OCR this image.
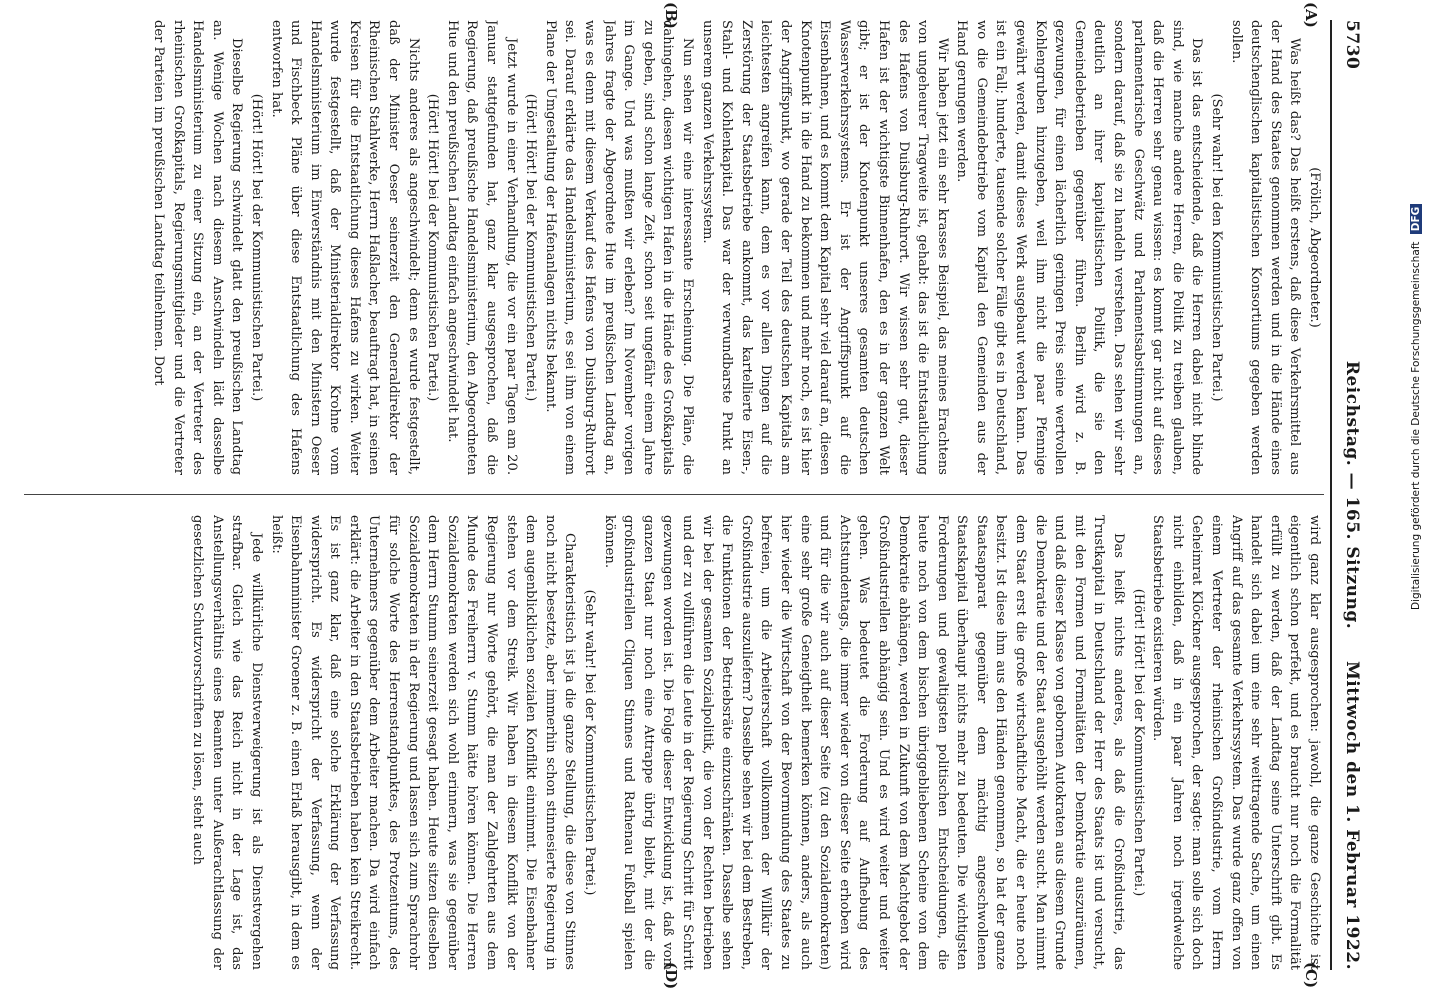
5730
Reichstag. — 165. Sitzung.
Mittwoch den 1. Februar 1922.
(A)
(B)
(C)
(D)

(Frölich, Abgeordneter.)

Was heißt das? Das heißt erstens, daß diese Verkehrsmittel aus der Hand des Staates genommen werden und in die Hände eines deutschenglischen kapitalistischen Konsortiums gegeben werden sollen.

(Sehr wahr! bei den Kommunistischen Partei.)

Das ist das entscheidende, daß die Herren dabei nicht blinde sind, wie manche andere Herren, die Politik zu treiben glauben, daß die Herren sehr genau wissen: es kommt gar nicht auf dieses parlamentarische Geschwätz und Parlamentsabstimmungen an, sondern darauf, daß sie zu handeln verstehen. Das sehen wir sehr deutlich an ihrer kapitalistischen Politik, die sie den Gemeindebetrieben gegenüber führen. Berlin wird z. B. gezwungen, für einen lächerlich geringen Preis seine wertvollen Kohlengruben hinzugeben, weil ihm nicht die paar Pfennige gewährt werden, damit dieses Werk ausgebaut werden kann. Das ist ein Fall; hunderte, tausende solcher Fälle gibt es in Deutschland, wo die Gemeindebetriebe vom Kapital den Gemeinden aus der Hand gerungen werden.

Wir haben jetzt ein sehr krasses Beispiel, das meines Erachtens von ungeheurer Tragweite ist, gehabt: das ist die Entstaatlichung des Hafens von Duisburg-Ruhrort. Wir wissen sehr gut, dieser Hafen ist der wichtigste Binnenhafen, den es in der ganzen Welt gibt; er ist der Knotenpunkt unseres gesamten deutschen Wasserverkehrssystems. Er ist der Angriffspunkt auf die Eisenbahnen, und es kommt dem Kapital sehr viel darauf an, diesen Knotenpunkt in die Hand zu bekommen und mehr noch, es ist hier der Angriffspunkt, wo gerade der Teil des deutschen Kapitals am leichtesten angreifen kann, dem es vor allen Dingen auf die Zerstörung der Staatsbetriebe ankommt, das kartellierte Eisen-, Stahl- und Kohlenkapital. Das war der verwundbarste Punkt an unserem ganzen Verkehrssystem.

Nun sehen wir eine interessante Erscheinung. Die Pläne, die dahingehen, diesen wichtigen Hafen in die Hände des Großkapitals zu geben, sind schon lange Zeit, schon seit ungefähr einem Jahre im Gange. Und was mußten wir erleben? Im November vorigen Jahres fragte der Abgeordnete Hue im preußischen Landtag an, was es denn mit diesem Verkauf des Hafens von Duisburg-Ruhrort sei. Darauf erklärte das Handelsministerium, es sei ihm von einem Plane der Umgestaltung der Hafenanlagen nichts bekannt.

(Hört! Hört! bei der Kommunistischen Partei.)

Jetzt wurde in einer Verhandlung, die vor ein paar Tagen am 20. Januar stattgefunden hat, ganz klar ausgesprochen, daß die Regierung, daß preußische Handelsministerium, den Abgeordneten Hue und den preußischen Landtag einfach angeschwindelt hat.

(Hört! Hört! bei der Kommunistischen Partei.)

Nichts anderes als angeschwindelt; denn es wurde festgestellt, daß der Minister Oeser seinerzeit den Generaldirektor der Rheinischen Stahlwerke, Herrn Haßlacher, beauftragt hat, in seinen Kreisen für die Entstaatlichung dieses Hafens zu wirken. Weiter wurde festgestellt, daß der Ministerialdirektor Krohne vom Handelsministerium im Einverständnis mit den Ministern Oeser und Fischbeck Pläne über diese Entstaatlichung des Hafens entworfen hat.

(Hört! Hört! bei der Kommunistischen Partei.)

Dieselbe Regierung schwindelt glatt den preußischen Landtag an. Wenige Wochen nach diesem Anschwindeln lädt dasselbe Handelsministerium zu einer Sitzung ein, an der Vertreter des rheinischen Großkapitals, Regierungsmitglieder und die Vertreter der Parteien im preußischen Landtag teilnehmen. Dort

wird ganz klar ausgesprochen: jawohl, die ganze Geschichte ist eigentlich schon perfekt, und es braucht nur noch die Formalität erfüllt zu werden, daß der Landtag seine Unterschrift gibt. Es handelt sich dabei um eine sehr weittragende Sache, um einen Angriff auf das gesamte Verkehrssystem. Das wurde ganz offen von einem Vertreter der rheinischen Großindustrie, vom Herrn Geheimrat Klöckner ausgesprochen, der sagte: man solle sich doch nicht einbilden, daß in ein paar Jahren noch irgendwelche Staatsbetriebe existieren würden.

(Hört! Hört! bei der Kommunistischen Partei.)

Das heißt nichts anderes, als daß die Großindustrie, das Trustkapital in Deutschland der Herr des Staats ist und versucht, mit den Formen und Formalitäten der Demokratie auszuräumen, und daß dieser Klasse von gebornen Autokraten aus diesem Grunde die Demokratie und der Staat ausgehöhlt werden sucht. Man nimmt dem Staat erst die große wirtschaftliche Macht, die er heute noch besitzt. Ist diese ihm aus den Händen genommen, so hat der ganze Staatsapparat gegenüber dem mächtig angeschwollenen Staatskapital überhaupt nichts mehr zu bedeuten. Die wichtigsten Forderungen und gewaltigsten politischen Entscheidungen, die heute noch von dem bischen übriggebliebenen Scheine von dem Demokratie abhängen, werden in Zukunft von dem Machtgebot der Großindustriellen abhängig sein. Und es wird weiter und weiter gehen. Was bedeutet die Forderung auf Aufhebung des Achtstundentags, die immer wieder von dieser Seite erhoben wird und für die wir auch auf dieser Seite (zu den Sozialdemokraten) eine sehr große Geneigtheit bemerken können, anders, als auch hier wieder die Wirtschaft von der Bevormundung des Staates zu befreien, um die Arbeiterschaft vollkommen der Willkür der Großindustrie auszuliefern? Dasselbe sehen wir bei dem Bestreben, die Funktionen der Betriebsräte einzuschränken. Dasselbe sehen wir bei der gesamten Sozialpolitik, die von der Rechten betrieben und der zu vollführen die Leute in der Regierung Schritt für Schritt gezwungen worden ist. Die Folge dieser Entwicklung ist, daß vom ganzen Staat nur noch eine Attrappe übrig bleibt, mit der die großindustriellen Cliquen Stinnes und Rathenau Fußball spielen können.

(Sehr wahr! bei der Kommunistischen Partei.)

Charakteristisch ist ja die ganze Stellung, die diese von Stinnes noch nicht besetzte, aber immerhin schon stinnesierte Regierung in dem augenblicklichen sozialen Konflikt einnimmt. Die Eisenbahner stehen vor dem Streik. Wir haben in diesem Konflikt von der Regierung nur Worte gehört, die man der Zahlgehrten aus dem Munde des Freiherrn v. Stumm hätte hören können. Die Herren Sozialdemokraten werden sich wohl erinnern, was sie gegenüber dem Herrn Stumm seinerzeit gesagt haben. Heute sitzen dieselben Sozialdemokraten in der Regierung und lassen sich zum Sprachrohr für solche Worte des Herrenstandpunktes, des Protzentums, des Unternehmers gegenüber dem Arbeiter machen. Da wird einfach erklärt: die Arbeiter in den Staatsbetrieben haben kein Streikrecht. Es ist ganz klar, daß eine solche Erklärung der Verfassung widerspricht. Es widerspricht der Verfassung, wenn der Eisenbahnminister Groener z. B. einen Erlaß herausgibt, in dem es heißt:

Jede willkürliche Dienstverweigerung ist als Dienstvergehen strafbar. Gleich wie das Reich nicht in der Lage ist, das Anstellungsverhältnis eines Beamten unter Außerachtlassung der gesetzlichen Schutzvorschriften zu lösen, steht auch

Digitalisierung gefördert durch die Deutsche Forschungsgemeinschaft DFG
